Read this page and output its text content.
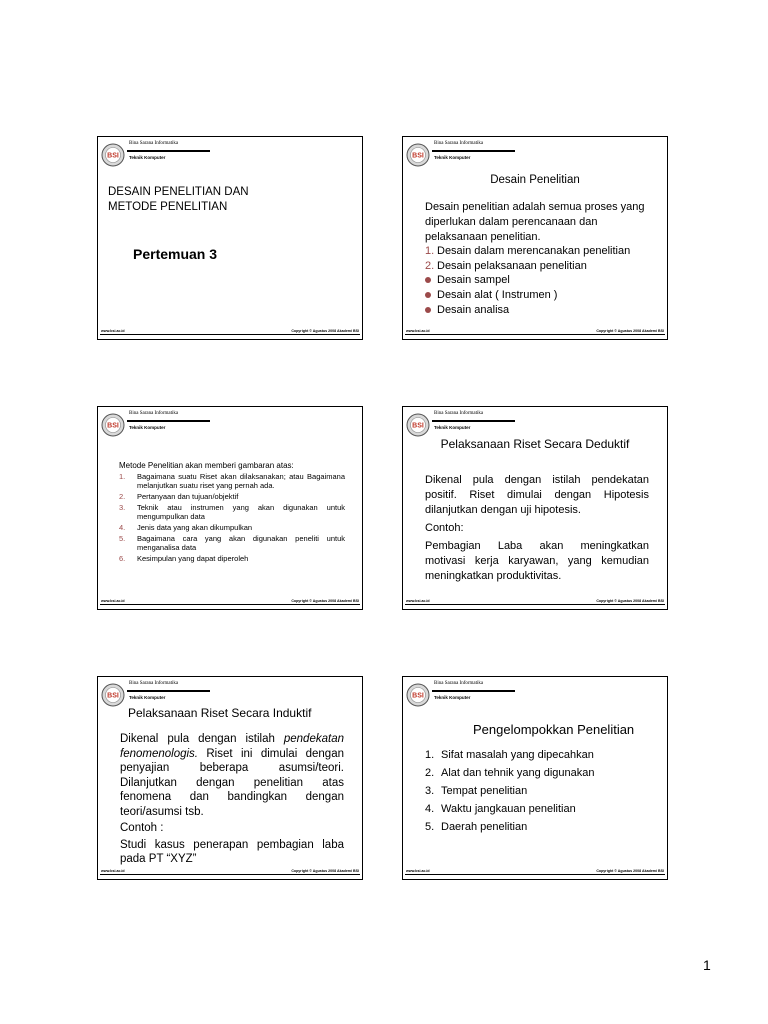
BSI
Bina Sarana Informatika
Teknik Komputer
DESAIN PENELITIAN DAN
METODE PENELITIAN
Pertemuan 3
www.bsi.ac.id	Copyright © Agustus 2008 Akademi BSI
BSI
Bina Sarana Informatika
Teknik Komputer
Desain Penelitian
Desain penelitian adalah semua proses yang diperlukan dalam perencanaan dan pelaksanaan penelitian.
1. Desain dalam merencanakan penelitian
2. Desain pelaksanaan penelitian
Desain sampel
Desain alat ( Instrumen )
Desain analisa
www.bsi.ac.id	Copyright © Agustus 2008 Akademi BSI
BSI
Bina Sarana Informatika
Teknik Komputer
Metode Penelitian akan memberi gambaran atas:
1.	Bagaimana suatu Riset akan dilaksanakan; atau Bagaimana melanjutkan suatu riset yang pernah ada.
2.	Pertanyaan dan tujuan/objektif
3.	Teknik atau instrumen yang akan digunakan untuk mengumpulkan data
4.	Jenis data yang akan dikumpulkan
5.	Bagaimana cara yang akan digunakan peneliti untuk menganalisa data
6.	Kesimpulan yang dapat diperoleh
www.bsi.ac.id	Copyright © Agustus 2008 Akademi BSI
BSI
Bina Sarana Informatika
Teknik Komputer
Pelaksanaan Riset Secara Deduktif
Dikenal pula dengan istilah pendekatan positif. Riset dimulai dengan Hipotesis dilanjutkan dengan uji hipotesis.
Contoh:
Pembagian Laba akan meningkatkan motivasi kerja karyawan, yang kemudian meningkatkan produktivitas.
www.bsi.ac.id	Copyright © Agustus 2008 Akademi BSI
BSI
Bina Sarana Informatika
Teknik Komputer
Pelaksanaan Riset Secara Induktif
Dikenal pula dengan istilah pendekatan fenomenologis. Riset ini dimulai dengan penyajian beberapa asumsi/teori. Dilanjutkan dengan penelitian atas fenomena dan bandingkan dengan teori/asumsi tsb.
Contoh :
Studi kasus penerapan pembagian laba pada PT “XYZ”
www.bsi.ac.id	Copyright © Agustus 2008 Akademi BSI
BSI
Bina Sarana Informatika
Teknik Komputer
Pengelompokkan Penelitian
1. Sifat masalah yang dipecahkan
2. Alat dan tehnik yang digunakan
3. Tempat penelitian
4. Waktu jangkauan penelitian
5. Daerah penelitian
www.bsi.ac.id	Copyright © Agustus 2008 Akademi BSI
1
